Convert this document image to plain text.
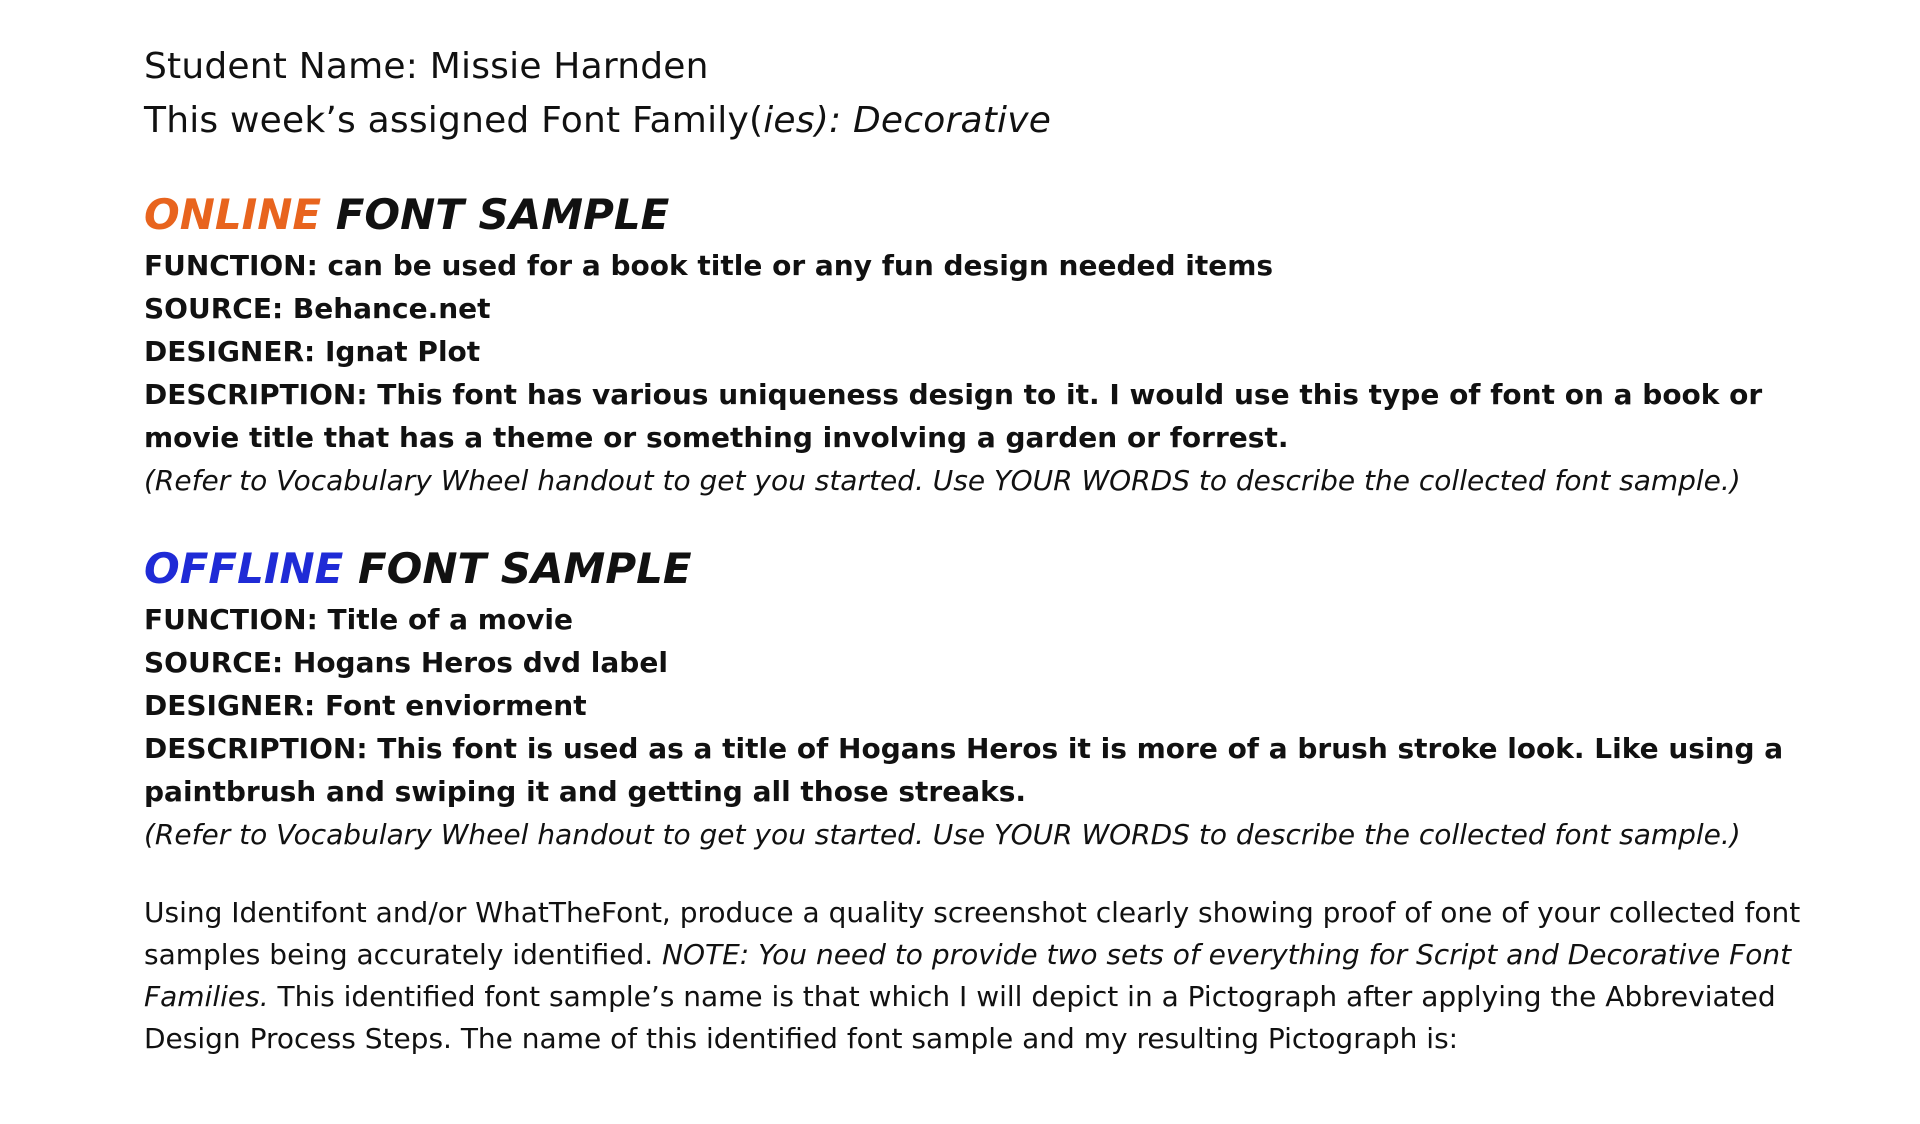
Student Name: Missie Harnden
This week’s assigned Font Family(ies): Decorative
ONLINE FONT SAMPLE
FUNCTION: can be used for a book title or any fun design needed items
SOURCE: Behance.net
DESIGNER: Ignat Plot
DESCRIPTION: This font has various uniqueness design to it. I would use this type of font on a book or movie title that has a theme or something involving a garden or forrest.
(Refer to Vocabulary Wheel handout to get you started. Use YOUR WORDS to describe the collected font sample.)
OFFLINE FONT SAMPLE
FUNCTION: Title of a movie
SOURCE: Hogans Heros dvd label
DESIGNER: Font enviorment
DESCRIPTION: This font is used as a title of Hogans Heros it is more of a brush stroke look. Like using a paintbrush and swiping it and getting all those streaks.
(Refer to Vocabulary Wheel handout to get you started. Use YOUR WORDS to describe the collected font sample.)
Using Identifont and/or WhatTheFont, produce a quality screenshot clearly showing proof of one of your collected font samples being accurately identified. NOTE: You need to provide two sets of everything for Script and Decorative Font Families. This identified font sample’s name is that which I will depict in a Pictograph after applying the Abbreviated Design Process Steps. The name of this identified font sample and my resulting Pictograph is:
